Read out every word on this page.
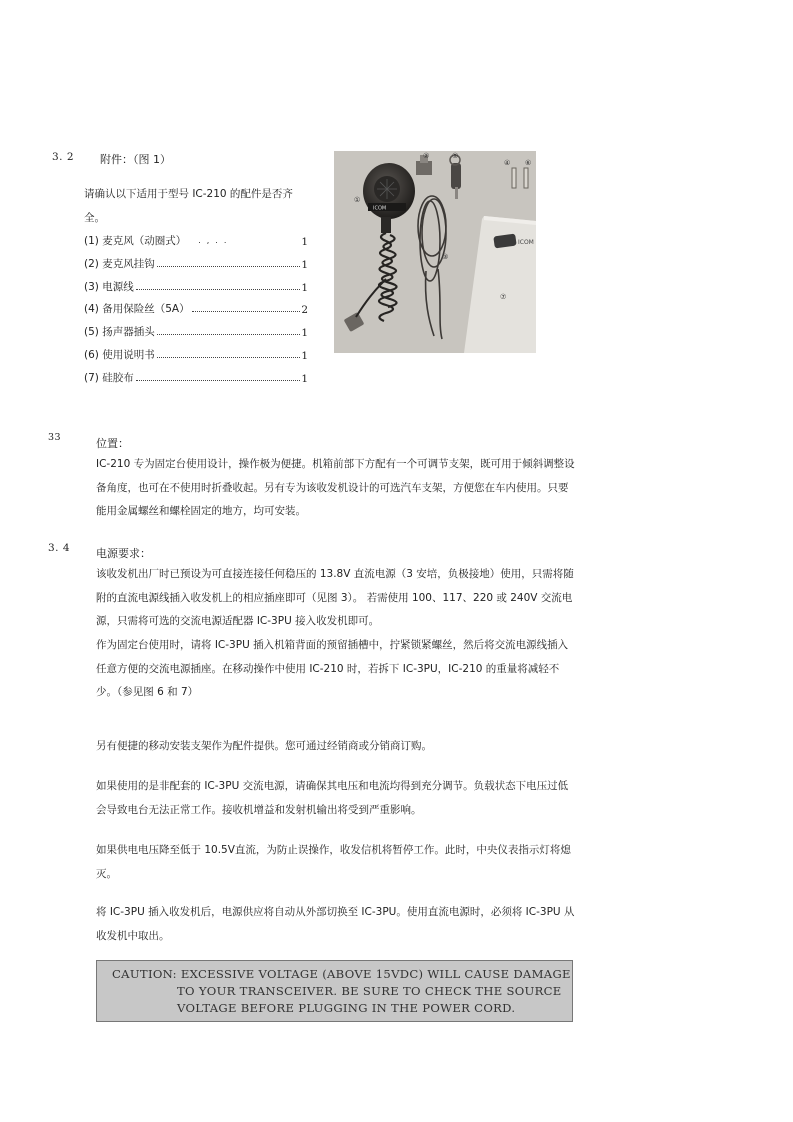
3. 2 附件：（图 1）
请确认以下适用于型号 IC-210 的配件是否齐全。
(1) 麦克风（动圈式） .,..	1
(2) 麦克风挂钩	1
(3) 电源线	1
(4) 备用保险丝（5A）	2
(5) 扬声器插头	1
(6) 使用说明书	1
(7) 硅胶布	1
ICOM
ICOM
①
②
③
④
⑤
⑥
⑦
33	位置：
IC-210 专为固定台使用设计，操作极为便捷。机箱前部下方配有一个可调节支架，既可用于倾斜调整设备角度，也可在不使用时折叠收起。另有专为该收发机设计的可选汽车支架，方便您在车内使用。只要能用金属螺丝和螺栓固定的地方，均可安装。
3. 4 电源要求：
该收发机出厂时已预设为可直接连接任何稳压的 13.8V 直流电源（3 安培，负极接地）使用，只需将随附的直流电源线插入收发机上的相应插座即可（见图 3）。 若需使用 100、117、220 或 240V 交流电源，只需将可选的交流电源适配器 IC-3PU 接入收发机即可。
作为固定台使用时，请将 IC-3PU 插入机箱背面的预留插槽中，拧紧锁紧螺丝，然后将交流电源线插入任意方便的交流电源插座。在移动操作中使用 IC-210 时，若拆下 IC-3PU，IC-210 的重量将减轻不少。（参见图 6 和 7）
另有便捷的移动安装支架作为配件提供。您可通过经销商或分销商订购。
如果使用的是非配套的 IC-3PU 交流电源，请确保其电压和电流均得到充分调节。负载状态下电压过低会导致电台无法正常工作。接收机增益和发射机输出将受到严重影响。
如果供电电压降至低于 10.5V直流，为防止误操作，收发信机将暂停工作。此时，中央仪表指示灯将熄灭。
将 IC-3PU 插入收发机后，电源供应将自动从外部切换至 IC-3PU。使用直流电源时，必须将 IC-3PU 从收发机中取出。
CAUTION: EXCESSIVE VOLTAGE (ABOVE 15VDC) WILL CAUSE DAMAGE
TO YOUR TRANSCEIVER. BE SURE TO CHECK THE SOURCE
VOLTAGE BEFORE PLUGGING IN THE POWER CORD.
